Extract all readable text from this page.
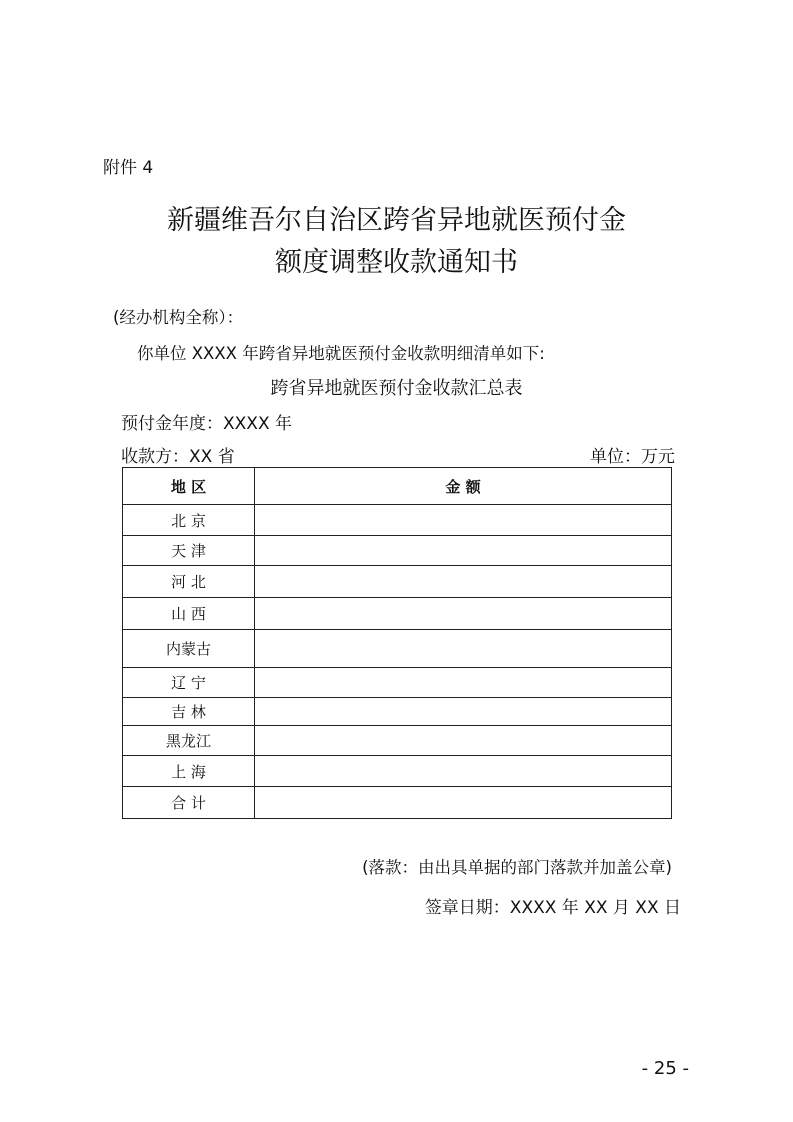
附件 4
新疆维吾尔自治区跨省异地就医预付金
额度调整收款通知书
(经办机构全称）：
你单位 XXXX 年跨省异地就医预付金收款明细清单如下:
跨省异地就医预付金收款汇总表
预付金年度：XXXX 年
收款方：XX 省	单位：万元
地 区	金 额
北 京	
天 津	
河 北	
山 西	
内蒙古	
辽 宁	
吉 林	
黑龙江	
上 海	
合 计	
(落款：由出具单据的部门落款并加盖公章)
签章日期：XXXX 年 XX 月 XX 日
- 25 -
